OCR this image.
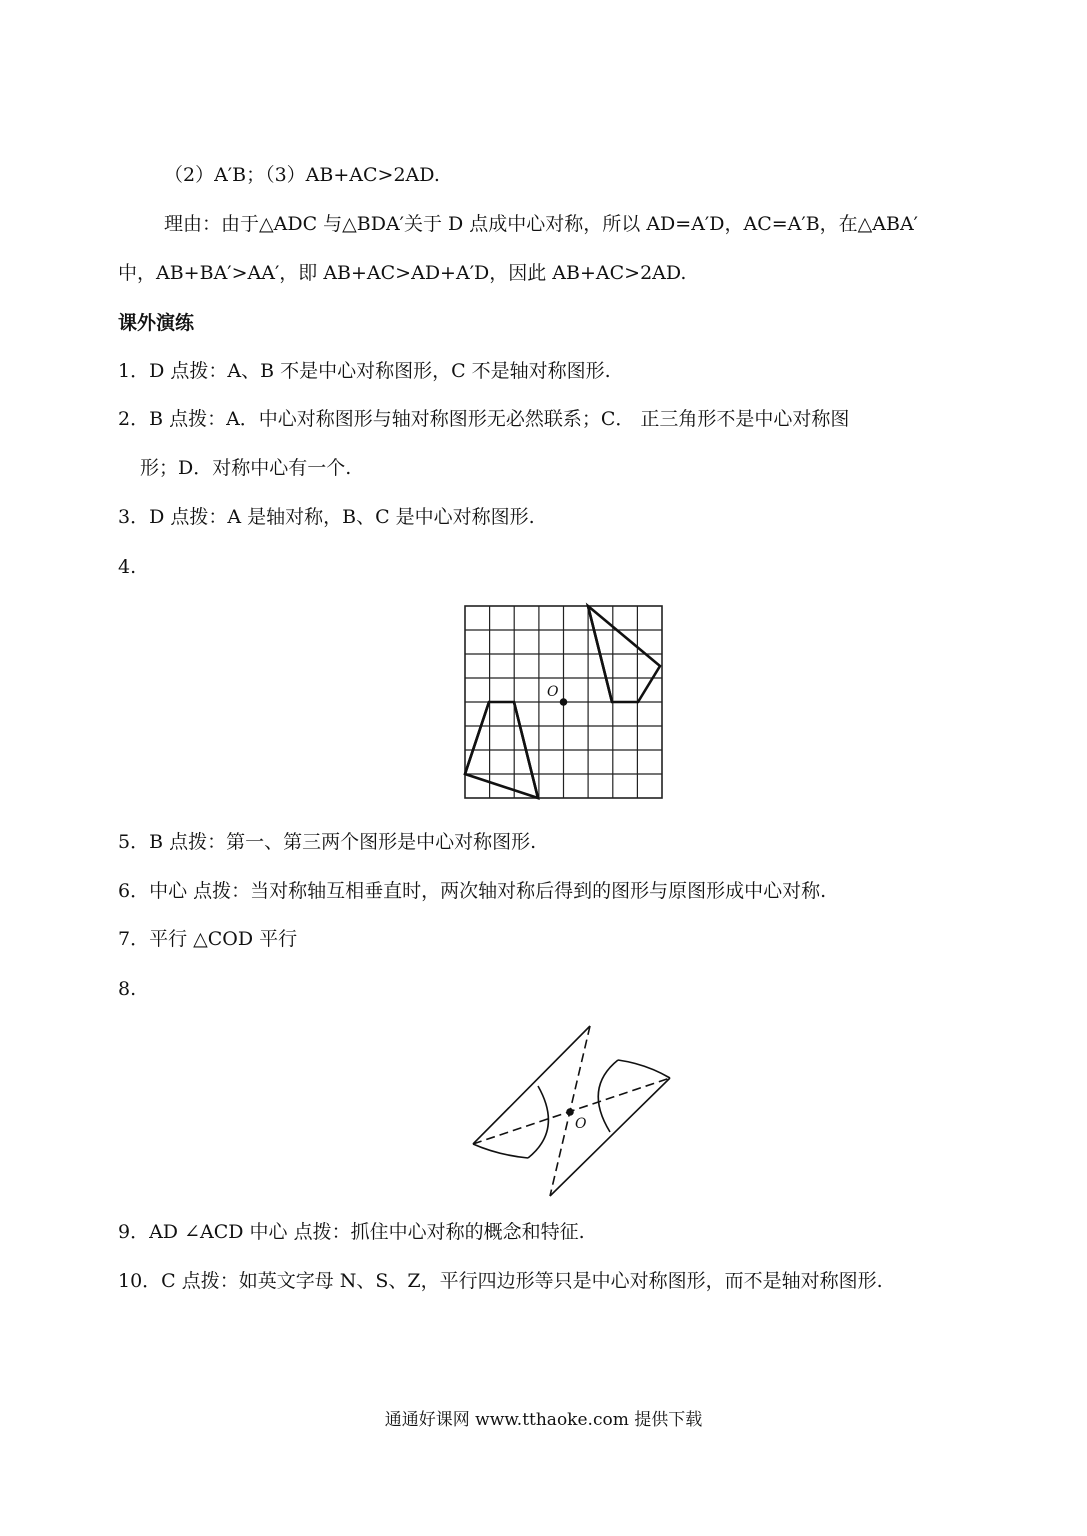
（2）A′B；（3）AB+AC>2AD.
理由：由于△ADC 与△BDA′关于 D 点成中心对称，所以 AD=A′D，AC=A′B，在△ABA′
中，AB+BA′>AA′，即 AB+AC>AD+A′D，因此 AB+AC>2AD.
课外演练
1．D 点拨：A、B 不是中心对称图形，C 不是轴对称图形.
2．B 点拨：A．中心对称图形与轴对称图形无必然联系；C． 正三角形不是中心对称图
形；D．对称中心有一个.
3．D 点拨：A 是轴对称，B、C 是中心对称图形.
4.
O
5．B 点拨：第一、第三两个图形是中心对称图形.
6．中心 点拨：当对称轴互相垂直时，两次轴对称后得到的图形与原图形成中心对称.
7．平行 △COD 平行
8.
O
9．AD ∠ACD 中心 点拨：抓住中心对称的概念和特征.
10．C 点拨：如英文字母 N、S、Z，平行四边形等只是中心对称图形，而不是轴对称图形.
通通好课网 www.tthaoke.com 提供下载
